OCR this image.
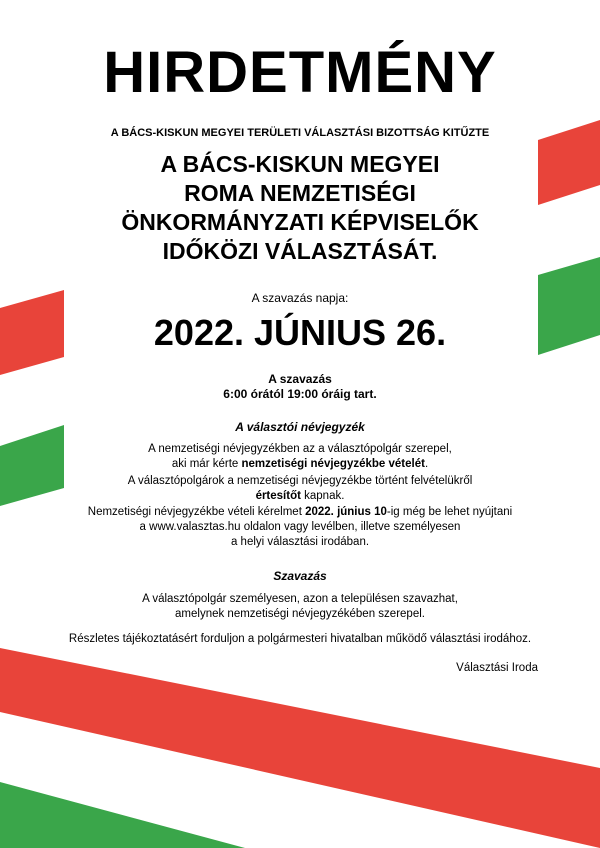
HIRDETMÉNY
A BÁCS-KISKUN MEGYEI TERÜLETI VÁLASZTÁSI BIZOTTSÁG KITŰZTE
A BÁCS-KISKUN MEGYEI
ROMA NEMZETISÉGI
ÖNKORMÁNYZATI KÉPVISELŐK
IDŐKÖZI VÁLASZTÁSÁT.
A szavazás napja:
2022. JÚNIUS 26.
A szavazás
6:00 órától 19:00 óráig tart.
A választói névjegyzék
A nemzetiségi névjegyzékben az a választópolgár szerepel,
aki már kérte nemzetiségi névjegyzékbe vételét.
A választópolgárok a nemzetiségi névjegyzékbe történt felvételükről
értesítőt kapnak.
Nemzetiségi névjegyzékbe vételi kérelmet 2022. június 10-ig még be lehet nyújtani
a www.valasztas.hu oldalon vagy levélben, illetve személyesen
a helyi választási irodában.
Szavazás
A választópolgár személyesen, azon a településen szavazhat,
amelynek nemzetiségi névjegyzékében szerepel.
Részletes tájékoztatásért forduljon a polgármesteri hivatalban működő választási irodához.
Választási Iroda
